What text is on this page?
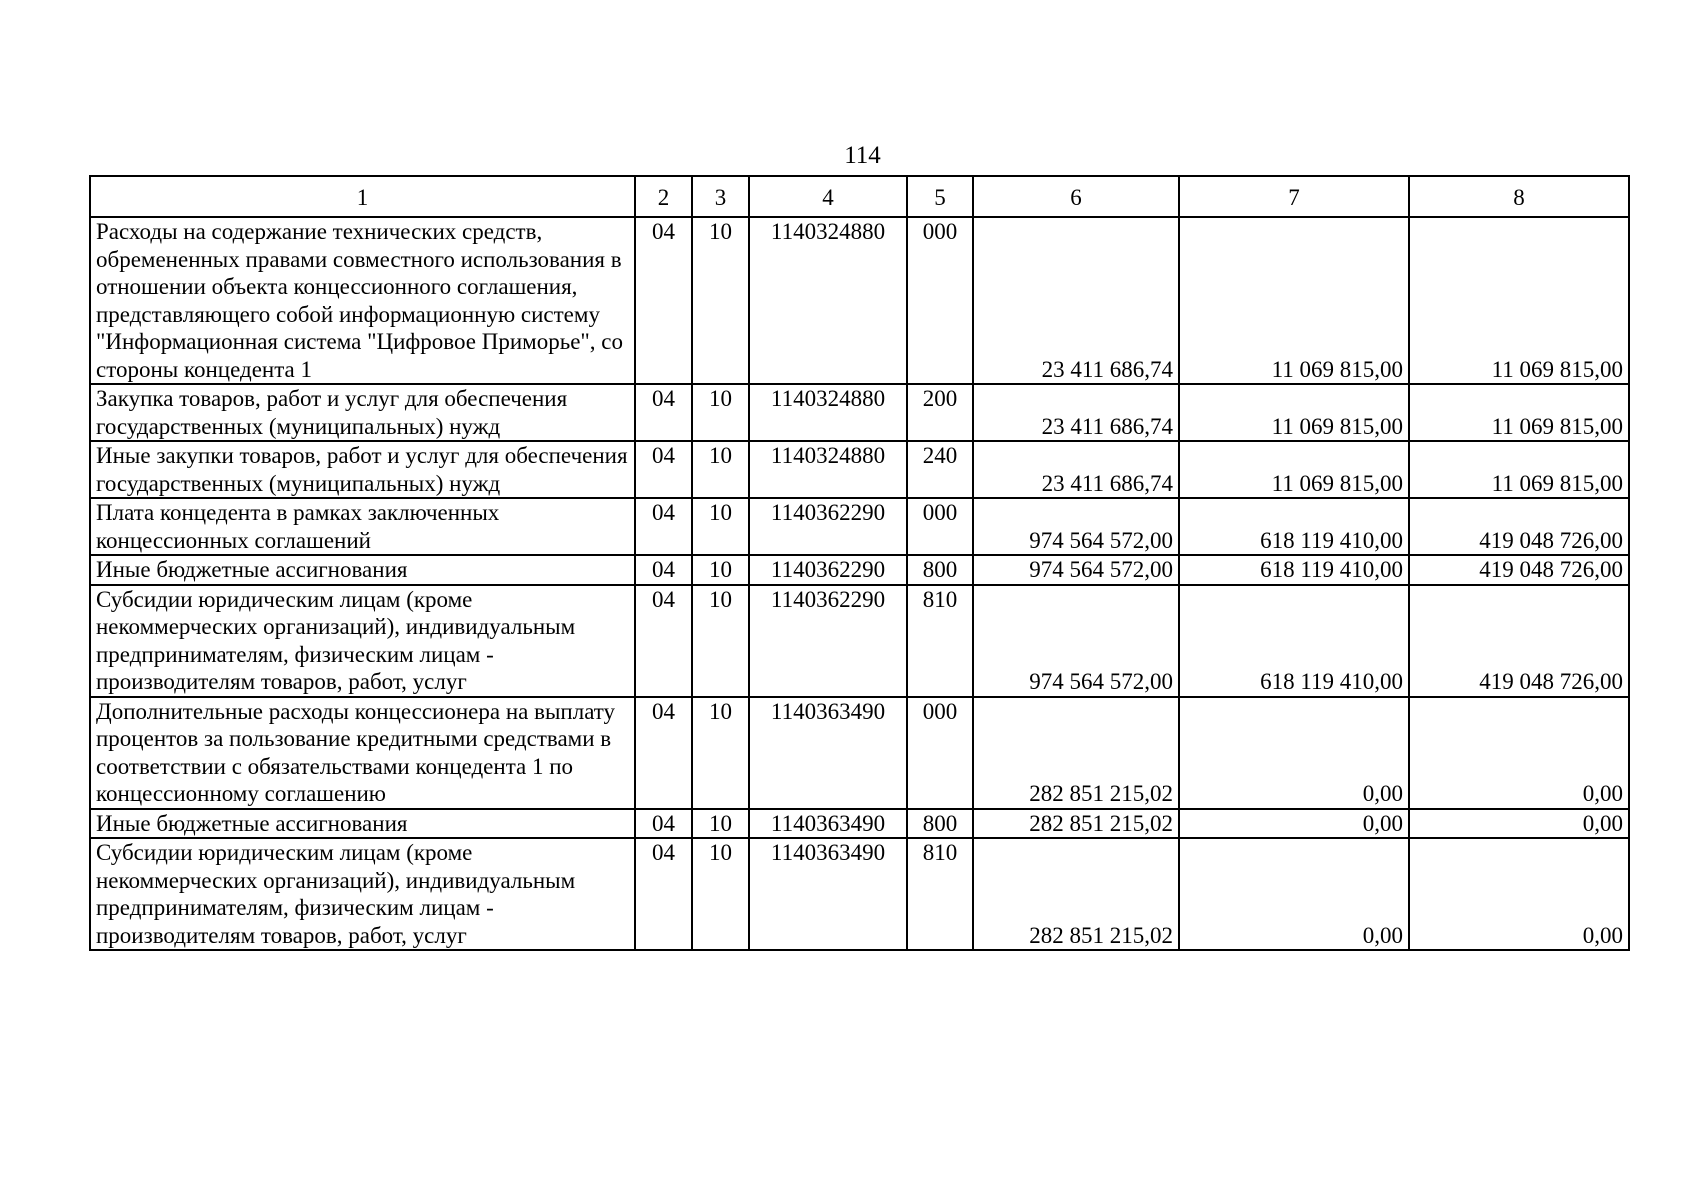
114
1	2	3	4	5	6	7	8
Расходы на содержание технических средств, обремененных правами совместного использования в отношении объекта концессионного соглашения, представляющего собой информационную систему "Информационная система "Цифровое Приморье", со стороны концедента 1	04	10	1140324880	000	23 411 686,74	11 069 815,00	11 069 815,00
Закупка товаров, работ и услуг для обеспечения государственных (муниципальных) нужд	04	10	1140324880	200	23 411 686,74	11 069 815,00	11 069 815,00
Иные закупки товаров, работ и услуг для обеспечения государственных (муниципальных) нужд	04	10	1140324880	240	23 411 686,74	11 069 815,00	11 069 815,00
Плата концедента в рамках заключенных концессионных соглашений	04	10	1140362290	000	974 564 572,00	618 119 410,00	419 048 726,00
Иные бюджетные ассигнования	04	10	1140362290	800	974 564 572,00	618 119 410,00	419 048 726,00
Субсидии юридическим лицам (кроме некоммерческих организаций), индивидуальным предпринимателям, физическим лицам - производителям товаров, работ, услуг	04	10	1140362290	810	974 564 572,00	618 119 410,00	419 048 726,00
Дополнительные расходы концессионера на выплату процентов за пользование кредитными средствами в соответствии с обязательствами концедента 1 по концессионному соглашению	04	10	1140363490	000	282 851 215,02	0,00	0,00
Иные бюджетные ассигнования	04	10	1140363490	800	282 851 215,02	0,00	0,00
Субсидии юридическим лицам (кроме некоммерческих организаций), индивидуальным предпринимателям, физическим лицам - производителям товаров, работ, услуг	04	10	1140363490	810	282 851 215,02	0,00	0,00
